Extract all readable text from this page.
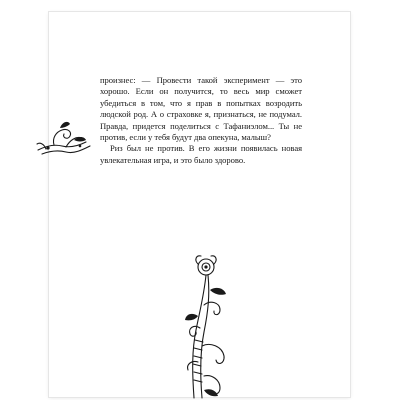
произнес: — Провести такой эксперимент — это хорошо. Если он получится, то весь мир сможет убедиться в том, что я прав в попытках возродить людской род. А о страховке я, признаться, не подумал. Правда, придется поделиться с Тафаниэлом... Ты не против, если у тебя будут два опекуна, малыш?

Риз был не против. В его жизни появилась новая увлекательная игра, и это было здорово.
